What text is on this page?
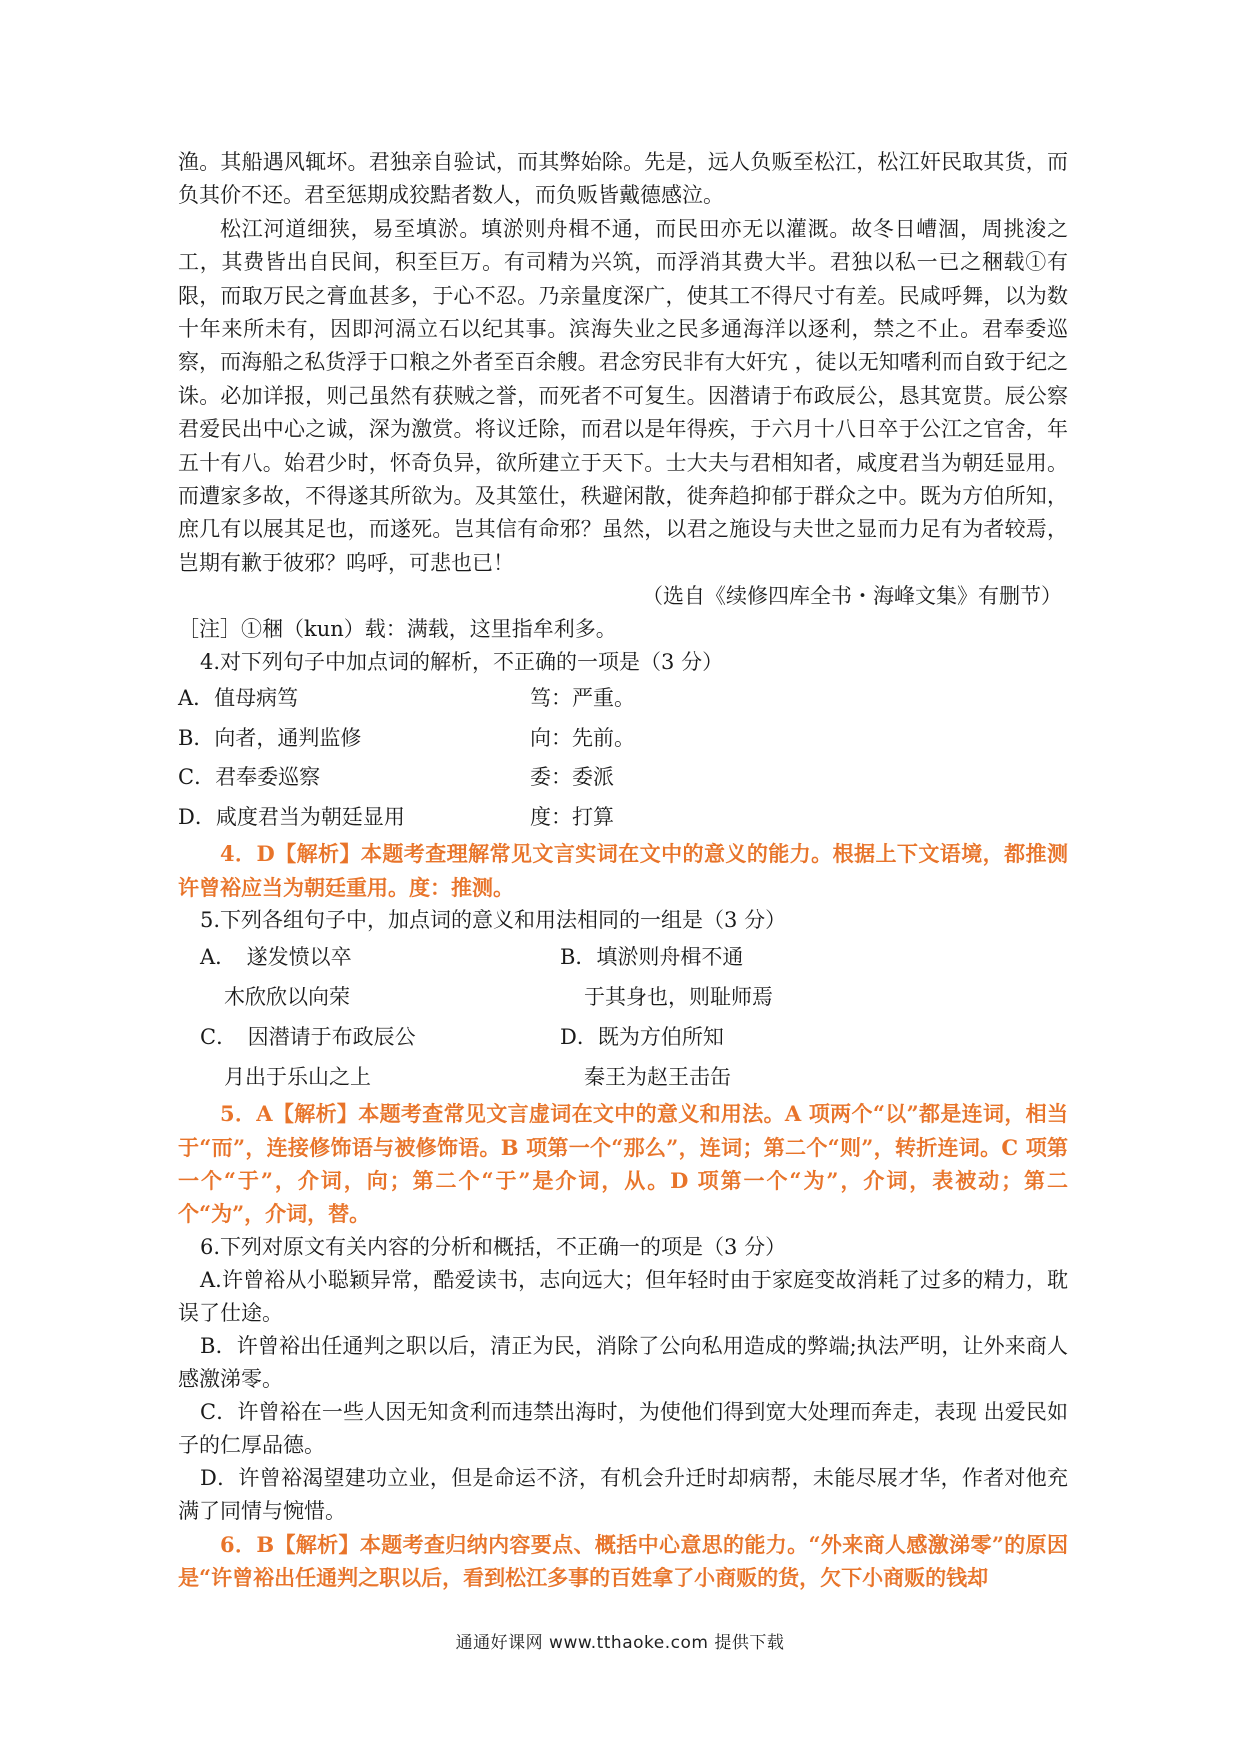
渔。其船遇风辄坏。君独亲自验试，而其弊始除。先是，远人负贩至松江，松江奸民取其货，而负其价不还。君至惩期成狡黠者数人，而负贩皆戴德感泣。

松江河道细狭，易至填淤。填淤则舟楫不通，而民田亦无以灌溉。故冬日嶆涸，周挑浚之工，其费皆出自民间，积至巨万。有司精为兴筑，而浮消其费大半。君独以私一已之稇载①有限，而取万民之膏血甚多，于心不忍。乃亲量度深广，使其工不得尺寸有差。民咸呼舞，以为数十年来所未有，因即河滆立石以纪其事。滨海失业之民多通海洋以逐利，禁之不止。君奉委巡察，而海船之私货浮于口粮之外者至百余艘。君念穷民非有大奸宄 ，徒以无知嗜利而自致于纪之诛。必加详报，则己虽然有获贼之誉，而死者不可复生。因潜请于布政辰公，恳其宽贳。辰公察君爱民出中心之诚，深为激赏。将议迁除，而君以是年得疾，于六月十八日卒于公江之官舍，年五十有八。始君少时，怀奇负异，欲所建立于天下。士大夫与君相知者，咸度君当为朝廷显用。而遭家多故，不得遂其所欲为。及其筮仕，秩避闲散，徙奔趋抑郁于群众之中。既为方伯所知，庶几有以展其足也，而遂死。岂其信有命邪？虽然，以君之施设与夫世之显而力足有为者较焉，岂期有歉于彼邪？呜呼，可悲也已！

（选自《续修四库全书・海峰文集》有删节）

［注］①稇（kun）载：满载，这里指牟利多。

4.对下列句子中加点词的解析，不正确的一项是（3 分）

A．值母病笃	笃：严重。
B．向者，通判监修	向：先前。
C．君奉委巡察	委：委派
D．咸度君当为朝廷显用	度：打算

4．D【解析】本题考查理解常见文言实词在文中的意义的能力。根据上下文语境，都推测许曾裕应当为朝廷重用。度：推测。

5.下列各组句子中，加点词的意义和用法相同的一组是（3 分）

A．　遂发愤以卒	B．填淤则舟楫不通
木欣欣以向荣	于其身也，则耻师焉
C．　因潜请于布政辰公	D．既为方伯所知
月出于乐山之上	秦王为赵王击缶

5．A【解析】本题考查常见文言虚词在文中的意义和用法。A 项两个“以”都是连词，相当于“而”，连接修饰语与被修饰语。B 项第一个“那么”，连词；第二个“则”，转折连词。C 项第一个“于”，介词，向；第二个“于”是介词，从。D 项第一个“为”，介词，表被动；第二个“为”，介词，替。

6.下列对原文有关内容的分析和概括，不正确一的项是（3 分）

A.许曾裕从小聪颖异常，酷爱读书，志向远大；但年轻时由于家庭变故消耗了过多的精力，耽误了仕途。

B．许曾裕出任通判之职以后，清正为民，消除了公向私用造成的弊端;执法严明，让外来商人感激涕零。

C．许曾裕在一些人因无知贪利而违禁出海时，为使他们得到宽大处理而奔走，表现 出爱民如子的仁厚品德。

D．许曾裕渴望建功立业，但是命运不济，有机会升迁时却病帮，未能尽展才华，作者对他充满了同情与惋惜。

6．B【解析】本题考查归纳内容要点、概括中心意思的能力。“外来商人感激涕零”的原因是“许曾裕出任通判之职以后，看到松江多事的百姓拿了小商贩的货，欠下小商贩的钱却

通通好课网 www.tthaoke.com 提供下载
